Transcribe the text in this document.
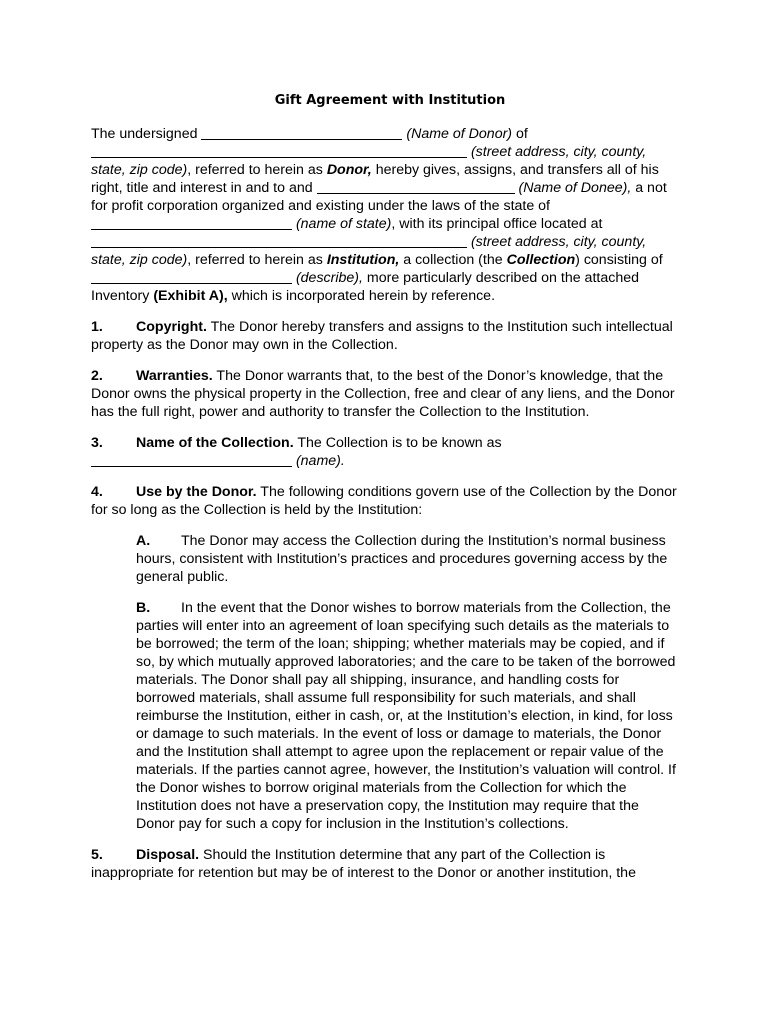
Gift Agreement with Institution

The undersigned	(Name of Donor) of  (street address, city, county, state, zip code), referred to herein as Donor, hereby gives, assigns, and transfers all of his right, title and interest in and to and	(Name of Donee), a not for profit corporation organized and existing under the laws of the state of  (name of state), with its principal office located at  (street address, city, county, state, zip code), referred to herein as Institution, a collection (the Collection) consisting of  (describe), more particularly described on the attached Inventory (Exhibit A), which is incorporated herein by reference.

1. Copyright. The Donor hereby transfers and assigns to the Institution such intellectual property as the Donor may own in the Collection.

2. Warranties. The Donor warrants that, to the best of the Donor’s knowledge, that the Donor owns the physical property in the Collection, free and clear of any liens, and the Donor has the full right, power and authority to transfer the Collection to the Institution.

3. Name of the Collection. The Collection is to be known as
(name).

4. Use by the Donor. The following conditions govern use of the Collection by the Donor for so long as the Collection is held by the Institution:

A. The Donor may access the Collection during the Institution’s normal business hours, consistent with Institution’s practices and procedures governing access by the general public.

B. In the event that the Donor wishes to borrow materials from the Collection, the parties will enter into an agreement of loan specifying such details as the materials to be borrowed; the term of the loan; shipping; whether materials may be copied, and if so, by which mutually approved laboratories; and the care to be taken of the borrowed materials. The Donor shall pay all shipping, insurance, and handling costs for borrowed materials, shall assume full responsibility for such materials, and shall reimburse the Institution, either in cash, or, at the Institution’s election, in kind, for loss or damage to such materials. In the event of loss or damage to materials, the Donor and the Institution shall attempt to agree upon the replacement or repair value of the materials. If the parties cannot agree, however, the Institution’s valuation will control. If the Donor wishes to borrow original materials from the Collection for which the Institution does not have a preservation copy, the Institution may require that the Donor pay for such a copy for inclusion in the Institution’s collections.

5. Disposal. Should the Institution determine that any part of the Collection is inappropriate for retention but may be of interest to the Donor or another institution, the
